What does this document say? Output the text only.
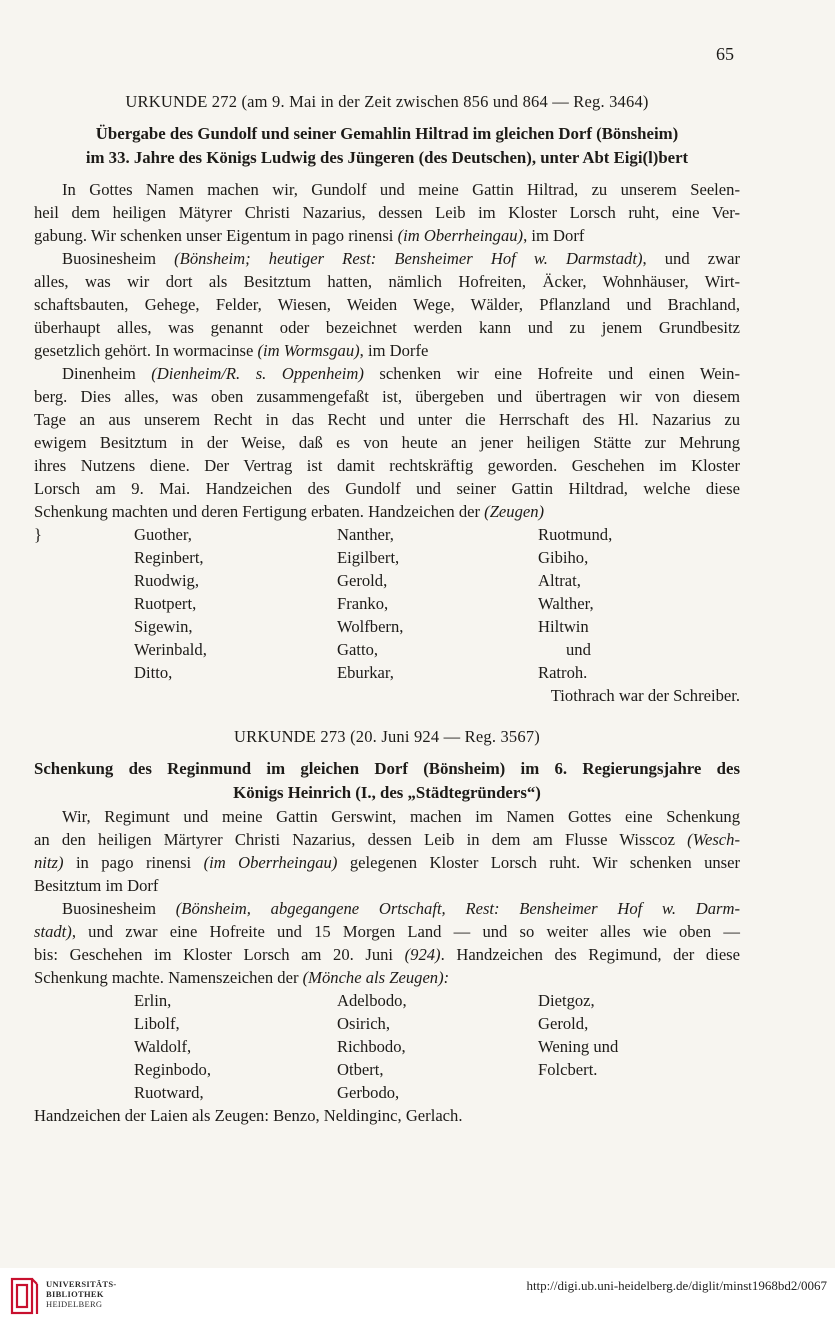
65
URKUNDE 272 (am 9. Mai in der Zeit zwischen 856 und 864 — Reg. 3464)
Übergabe des Gundolf und seiner Gemahlin Hiltrad im gleichen Dorf (Bönsheim)
im 33. Jahre des Königs Ludwig des Jüngeren (des Deutschen), unter Abt Eigi(l)bert
In Gottes Namen machen wir, Gundolf und meine Gattin Hiltrad, zu unserem Seelen-
heil dem heiligen Mätyrer Christi Nazarius, dessen Leib im Kloster Lorsch ruht, eine Ver-
gabung. Wir schenken unser Eigentum in pago rinensi (im Oberrheingau), im Dorf
Buosinesheim (Bönsheim; heutiger Rest: Bensheimer Hof w. Darmstadt), und zwar
alles, was wir dort als Besitztum hatten, nämlich Hofreiten, Äcker, Wohnhäuser, Wirt-
schaftsbauten, Gehege, Felder, Wiesen, Weiden Wege, Wälder, Pflanzland und Brachland,
überhaupt alles, was genannt oder bezeichnet werden kann und zu jenem Grundbesitz
gesetzlich gehört. In wormacinse (im Wormsgau), im Dorfe
Dinenheim (Dienheim/R. s. Oppenheim) schenken wir eine Hofreite und einen Wein-
berg. Dies alles, was oben zusammengefaßt ist, übergeben und übertragen wir von diesem
Tage an aus unserem Recht in das Recht und unter die Herrschaft des Hl. Nazarius zu
ewigem Besitztum in der Weise, daß es von heute an jener heiligen Stätte zur Mehrung
ihres Nutzens diene. Der Vertrag ist damit rechtskräftig geworden. Geschehen im Kloster
Lorsch am 9. Mai. Handzeichen des Gundolf und seiner Gattin Hiltdrad, welche diese
Schenkung machten und deren Fertigung erbaten. Handzeichen der (Zeugen)
}	Guother,	Nanther,	Ruotmund,
Reginbert,	Eigilbert,	Gibiho,
Ruodwig,	Gerold,	Altrat,
Ruotpert,	Franko,	Walther,
Sigewin,	Wolfbern,	Hiltwin
Werinbald,	Gatto,	und
Ditto,	Eburkar,	Ratroh.
Tiothrach war der Schreiber.
URKUNDE 273 (20. Juni 924 — Reg. 3567)
Schenkung des Reginmund im gleichen Dorf (Bönsheim) im 6. Regierungsjahre des
Königs Heinrich (I., des „Städtegründers“)
Wir, Regimunt und meine Gattin Gerswint, machen im Namen Gottes eine Schenkung
an den heiligen Märtyrer Christi Nazarius, dessen Leib in dem am Flusse Wisscoz (Wesch-
nitz) in pago rinensi (im Oberrheingau) gelegenen Kloster Lorsch ruht. Wir schenken unser
Besitztum im Dorf
Buosinesheim (Bönsheim, abgegangene Ortschaft, Rest: Bensheimer Hof w. Darm-
stadt), und zwar eine Hofreite und 15 Morgen Land — und so weiter alles wie oben —
bis: Geschehen im Kloster Lorsch am 20. Juni (924). Handzeichen des Regimund, der diese
Schenkung machte. Namenszeichen der (Mönche als Zeugen):
Erlin,	Adelbodo,	Dietgoz,
Libolf,	Osirich,	Gerold,
Waldolf,	Richbodo,	Wening und
Reginbodo,	Otbert,	Folcbert.
Ruotward,	Gerbodo,
Handzeichen der Laien als Zeugen: Benzo, Neldinginc, Gerlach.
UNIVERSITÄTS-
BIBLIOTHEK
HEIDELBERG
http://digi.ub.uni-heidelberg.de/diglit/minst1968bd2/0067
